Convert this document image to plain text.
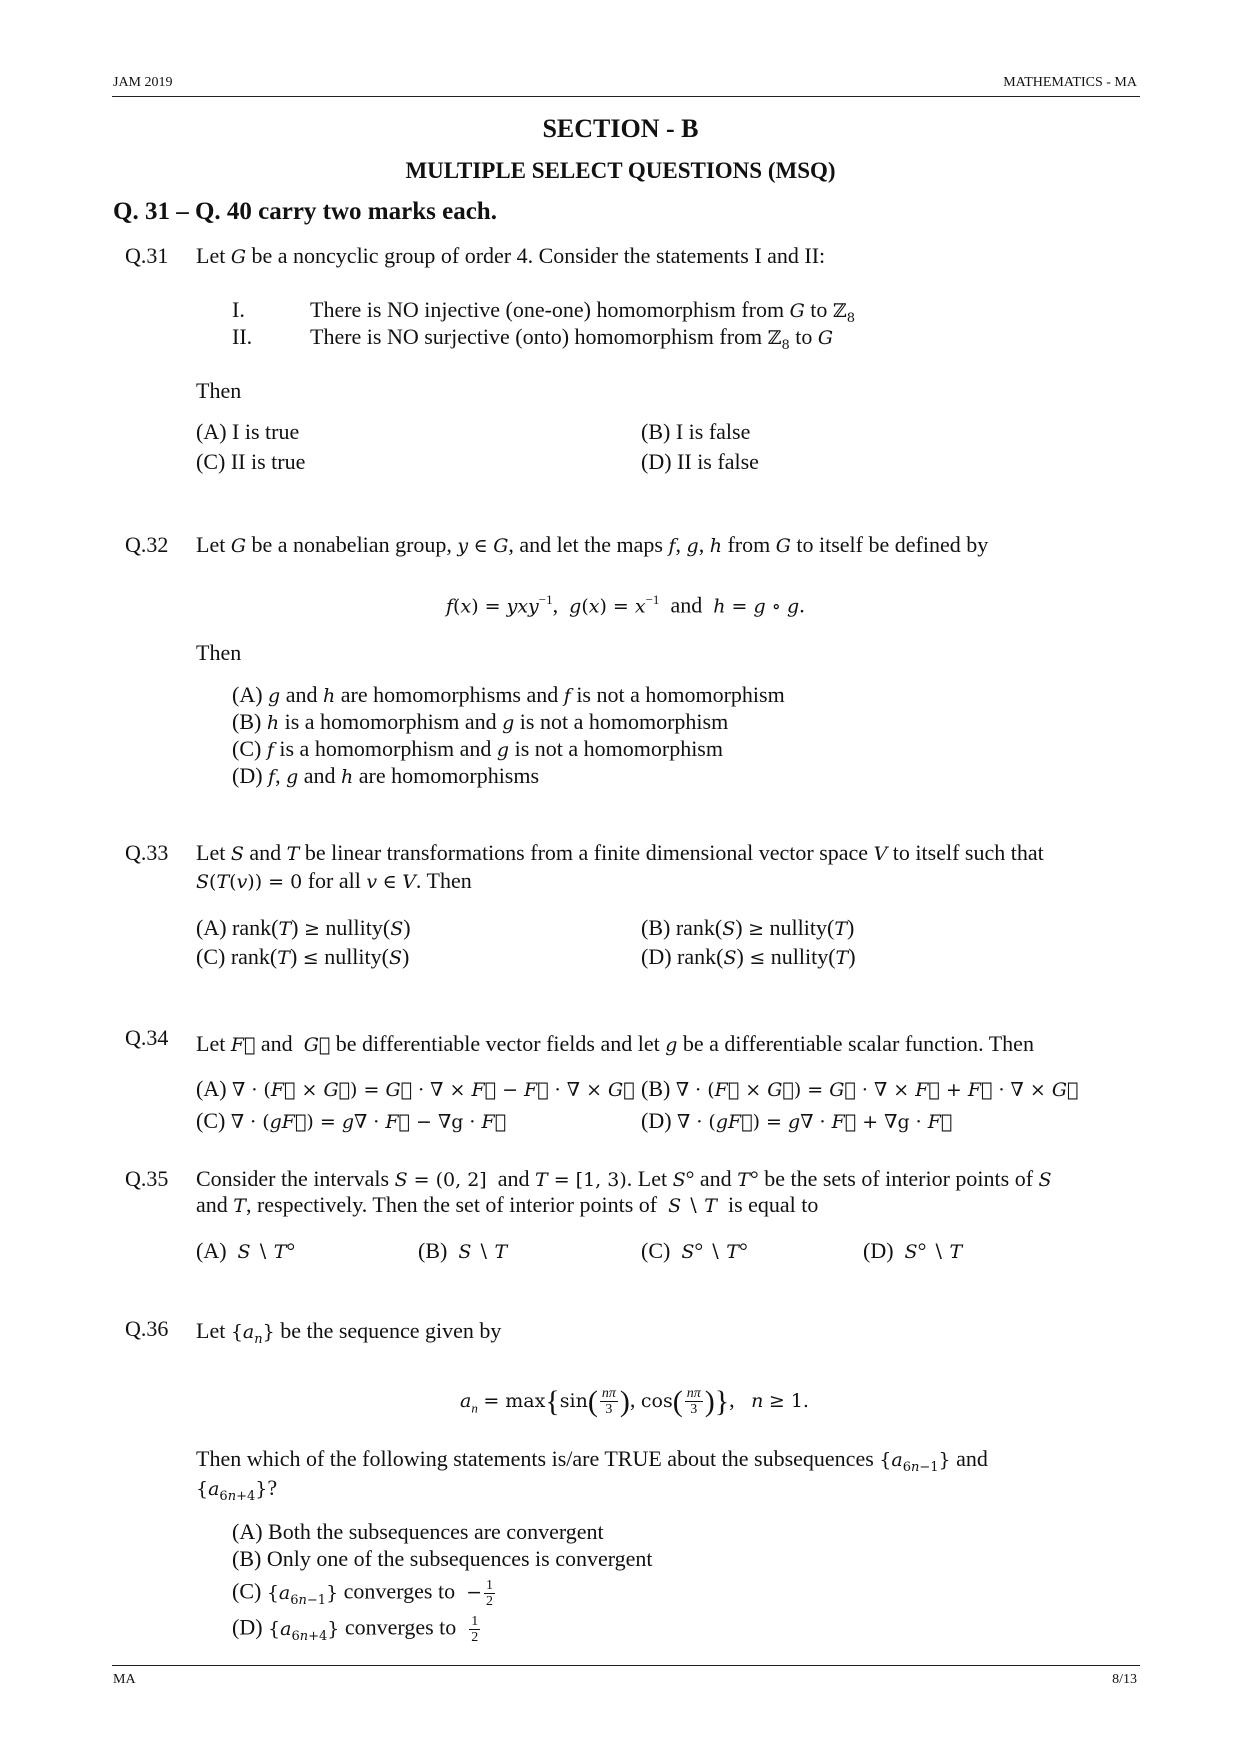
JAM 2019	MATHEMATICS - MA
SECTION - B
MULTIPLE SELECT QUESTIONS (MSQ)
Q. 31 – Q. 40 carry two marks each.
Q.31 Let G be a noncyclic group of order 4. Consider the statements I and II:
I.	There is NO injective (one-one) homomorphism from G to ℤ$_8$
II.	There is NO surjective (onto) homomorphism from ℤ$_8$ to G
Then
(A) I is true	(B) I is false
(C) II is true	(D) II is false
Q.32 Let G be a nonabelian group, y ∈ G, and let the maps f, g, h from G to itself be defined by
f(x) = yxy$^{-1}$,  $g(x) = x^{-1}$ and h = g ∘ g.
Then
(A) g and h are homomorphisms and f is not a homomorphism
(B) h is a homomorphism and g is not a homomorphism
(C) f is a homomorphism and g is not a homomorphism
(D) f, g and h are homomorphisms
Q.33 Let S and T be linear transformations from a finite dimensional vector space V to itself such that
S(T(v)) = 0 for all v ∈ V. Then
(A) rank(T) ≥ nullity(S)	(B) rank(S) ≥ nullity(T)
(C) rank(T) ≤ nullity(S)	(D) rank(S) ≤ nullity(T)
Q.34 Let F⃗ and G⃗ be differentiable vector fields and let g be a differentiable scalar function. Then
(A) ∇ · (F⃗ × G⃗) = G⃗ · ∇ × F⃗ − F⃗ · ∇ × G⃗ (B) ∇ · (F⃗ × G⃗) = G⃗ · ∇ × F⃗ + F⃗ · ∇ × G⃗
(C) ∇ · (gF⃗) = g∇ · F⃗ − ∇g · F⃗	(D) ∇ · (gF⃗) = g∇ · F⃗ + ∇g · F⃗
Q.35 Consider the intervals S = (0, 2] and T = [1, 3). Let S° and T° be the sets of interior points of S
and T, respectively. Then the set of interior points of S ∖ T is equal to
(A) S ∖ T°	(B) S ∖ T	(C) S° ∖ T°	(D) S° ∖ T
Q.36 Let $\{a_n\}$ be the sequence given by
$a_n = \max\{\sin( \frac{n\pi}{3}$ ), $\cos( \frac{n\pi}{3}$ )},   n ≥ 1.
Then which of the following statements is/are TRUE about the subsequences $\{a_{6n-1}\}$ and
$\{a_{6n+4}\}$?
(A) Both the subsequences are convergent
(B) Only one of the subsequences is convergent
(C) $\{a_{6n-1}\}$ converges to − $\frac{1}{2}$
(D) $\{a_{6n+4}\}$ converges to $\frac{1}{2}$
MA	8/13
